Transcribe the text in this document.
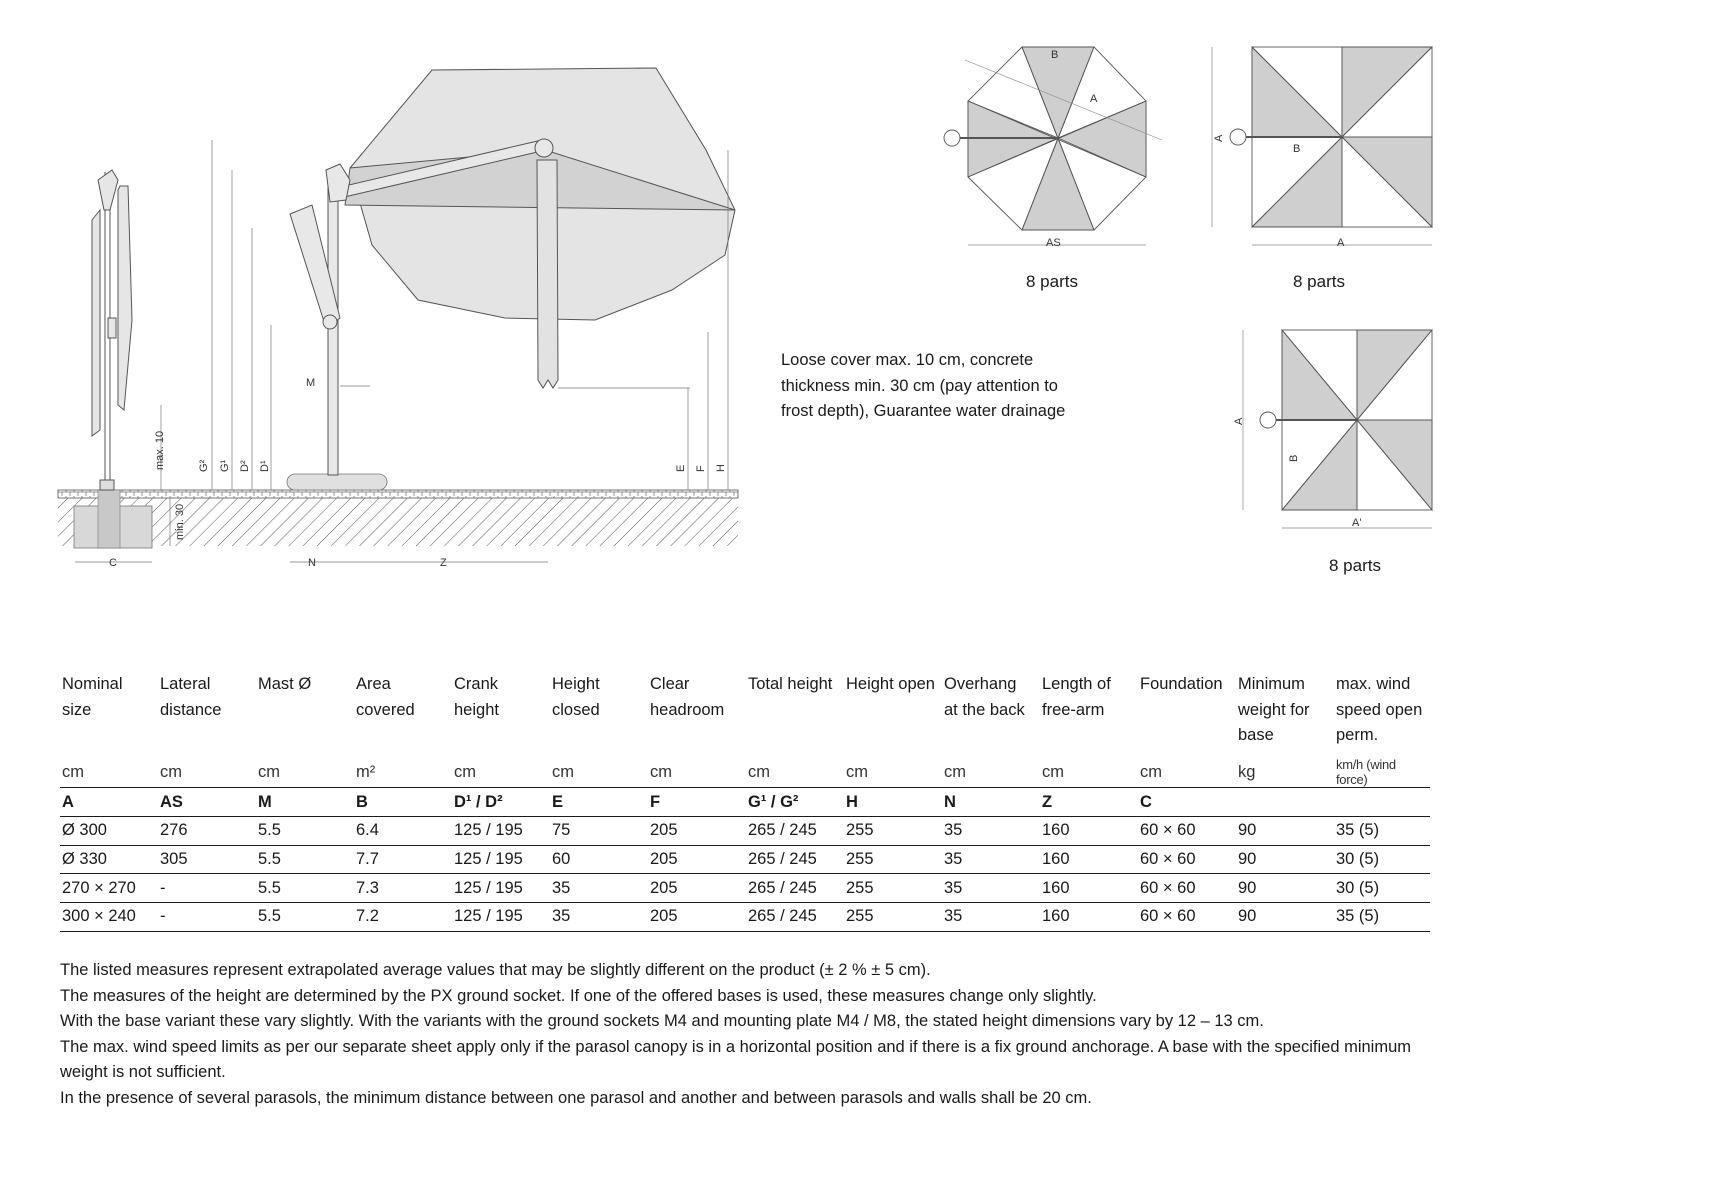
max. 10
min. 30
G² G¹ D² D¹
M
E F H
C	N	Z
B
A
AS
A
B
A
A
B
A'
8 parts	8 parts
8 parts
Loose cover max. 10 cm, concrete thickness min. 30 cm (pay attention to frost depth), Guarantee water drainage
Nominal size	Lateral distance	Mast Ø	Area covered	Crank height	Height closed	Clear headroom	Total height	Height open	Overhang at the back	Length of free-arm	Foundation	Minimum weight for base	max. wind speed open perm.
cm	cm	cm	m²	cm	cm	cm	cm	cm	cm	cm	cm	kg	km/h (wind force)
A	AS	M	B	D¹ / D²	E	F	G¹ / G²	H	N	Z	C		
Ø 300	276	5.5	6.4	125 / 195	75	205	265 / 245	255	35	160	60 × 60	90	35 (5)
Ø 330	305	5.5	7.7	125 / 195	60	205	265 / 245	255	35	160	60 × 60	90	30 (5)
270 × 270	-	5.5	7.3	125 / 195	35	205	265 / 245	255	35	160	60 × 60	90	30 (5)
300 × 240	-	5.5	7.2	125 / 195	35	205	265 / 245	255	35	160	60 × 60	90	35 (5)

The listed measures represent extrapolated average values that may be slightly different on the product (± 2 % ± 5 cm).

The measures of the height are determined by the PX ground socket. If one of the offered bases is used, these measures change only slightly.

With the base variant these vary slightly. With the variants with the ground sockets M4 and mounting plate M4 / M8, the stated height dimensions vary by 12 – 13 cm.

The max. wind speed limits as per our separate sheet apply only if the parasol canopy is in a horizontal position and if there is a fix ground anchorage. A base with the specified minimum weight is not sufficient.

In the presence of several parasols, the minimum distance between one parasol and another and between parasols and walls shall be 20 cm.
